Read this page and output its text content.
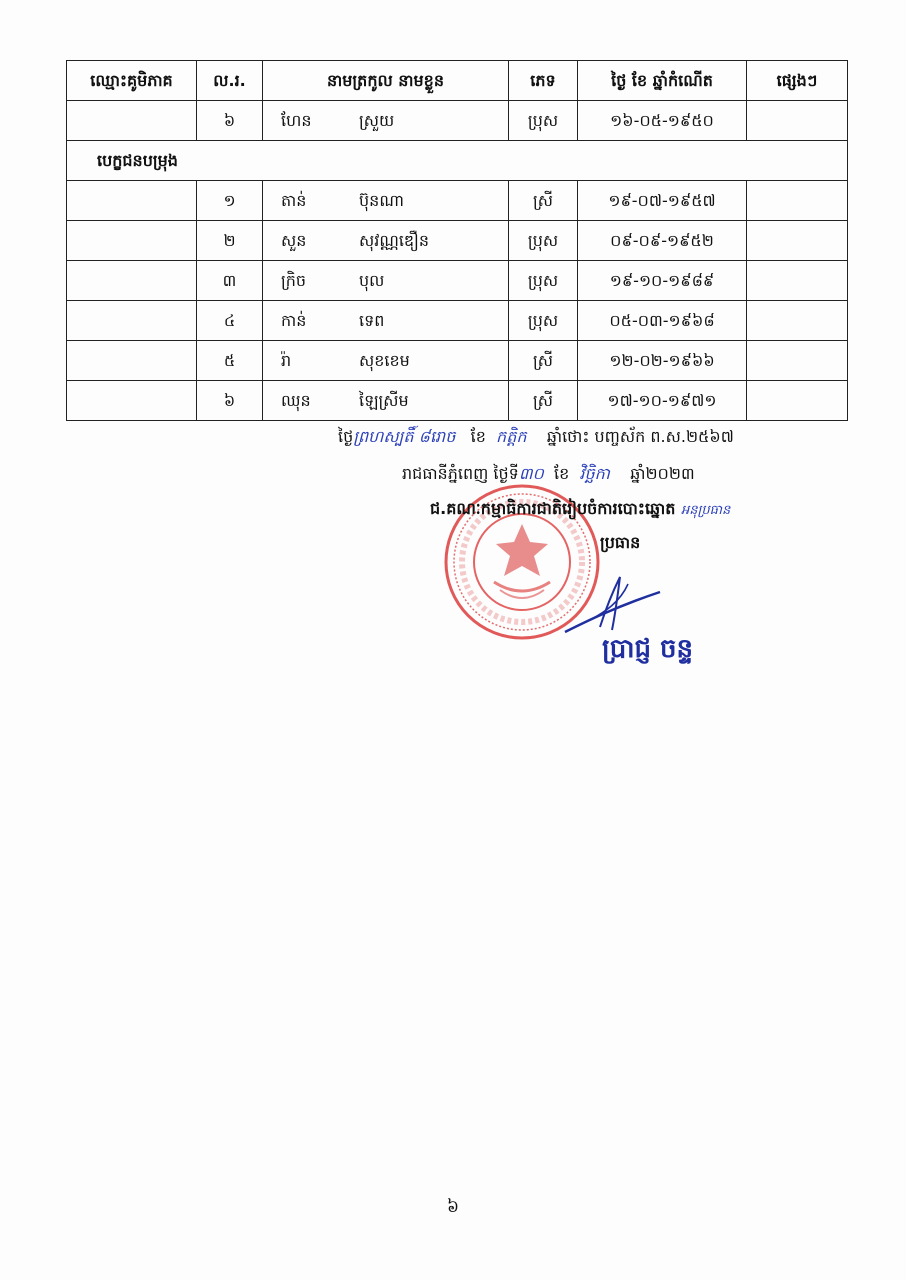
ឈ្មោះគូមិភាគ	ល.រ.	នាមត្រកូល នាមខ្លួន	ភេទ	ថ្ងៃ ខែ ឆ្នាំកំណើត	ផ្សេងៗ
	៦	ហែន ស្រួយ	ប្រុស	១៦-០៥-១៩៥០	
បេក្ខជនបម្រុង					
	១	តាន់ ប៊ុនណា	ស្រី	១៩-០៧-១៩៥៧	
	២	សួន សុវណ្ណឌឿន	ប្រុស	០៩-០៩-១៩៥២	
	៣	ក្រិច បុល	ប្រុស	១៩-១០-១៩៨៩	
	៤	កាន់ ទេព	ប្រុស	០៥-០៣-១៩៦៨	
	៥	រ៉ា សុខខេម	ស្រី	១២-០២-១៩៦៦	
	៦	ឈុន ឡៃស្រីម	ស្រី	១៧-១០-១៩៧១	
ថ្ងៃព្រហស្បតិ៍ ៨រោច ខែ កត្តិក ឆ្នាំថោះ បញ្ចស័ក ព.ស.២៥៦៧
រាជធានីភ្នំពេញ ថ្ងៃទី៣០ ខែ វិច្ឆិកា ឆ្នាំ២០២៣
ជ.គណៈកម្មាធិការជាតិរៀបចំការបោះឆ្នោត អនុប្រធាន
ប្រធាន
ប្រាជ្ញ ចន្ទ
៦
